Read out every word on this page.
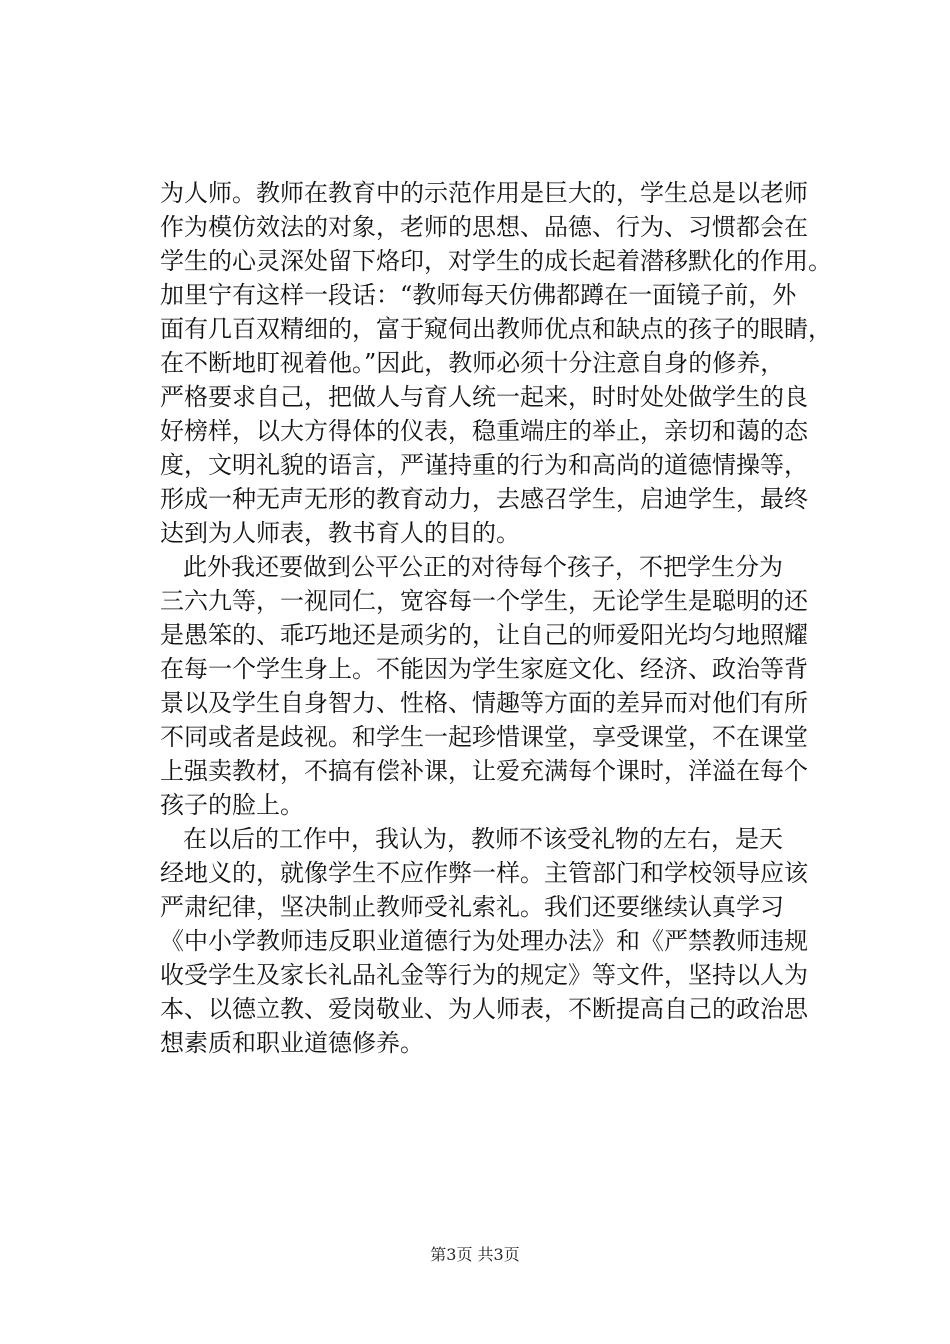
为人师。教师在教育中的示范作用是巨大的，学生总是以老师
作为模仿效法的对象，老师的思想、品德、行为、习惯都会在
学生的心灵深处留下烙印，对学生的成长起着潜移默化的作用。
加里宁有这样一段话：“教师每天仿佛都蹲在一面镜子前，外
面有几百双精细的，富于窥伺出教师优点和缺点的孩子的眼睛，
在不断地盯视着他。”因此，教师必须十分注意自身的修养，
严格要求自己，把做人与育人统一起来，时时处处做学生的良
好榜样，以大方得体的仪表，稳重端庄的举止，亲切和蔼的态
度，文明礼貌的语言，严谨持重的行为和高尚的道德情操等，
形成一种无声无形的教育动力，去感召学生，启迪学生，最终
达到为人师表，教书育人的目的。
此外我还要做到公平公正的对待每个孩子，不把学生分为
三六九等，一视同仁，宽容每一个学生，无论学生是聪明的还
是愚笨的、乖巧地还是顽劣的，让自己的师爱阳光均匀地照耀
在每一个学生身上。不能因为学生家庭文化、经济、政治等背
景以及学生自身智力、性格、情趣等方面的差异而对他们有所
不同或者是歧视。和学生一起珍惜课堂，享受课堂，不在课堂
上强卖教材，不搞有偿补课，让爱充满每个课时，洋溢在每个
孩子的脸上。
在以后的工作中，我认为，教师不该受礼物的左右，是天
经地义的，就像学生不应作弊一样。主管部门和学校领导应该
严肃纪律，坚决制止教师受礼索礼。我们还要继续认真学习
《中小学教师违反职业道德行为处理办法》和《严禁教师违规
收受学生及家长礼品礼金等行为的规定》等文件，坚持以人为
本、以德立教、爱岗敬业、为人师表，不断提高自己的政治思
想素质和职业道德修养。
第3页 共3页
